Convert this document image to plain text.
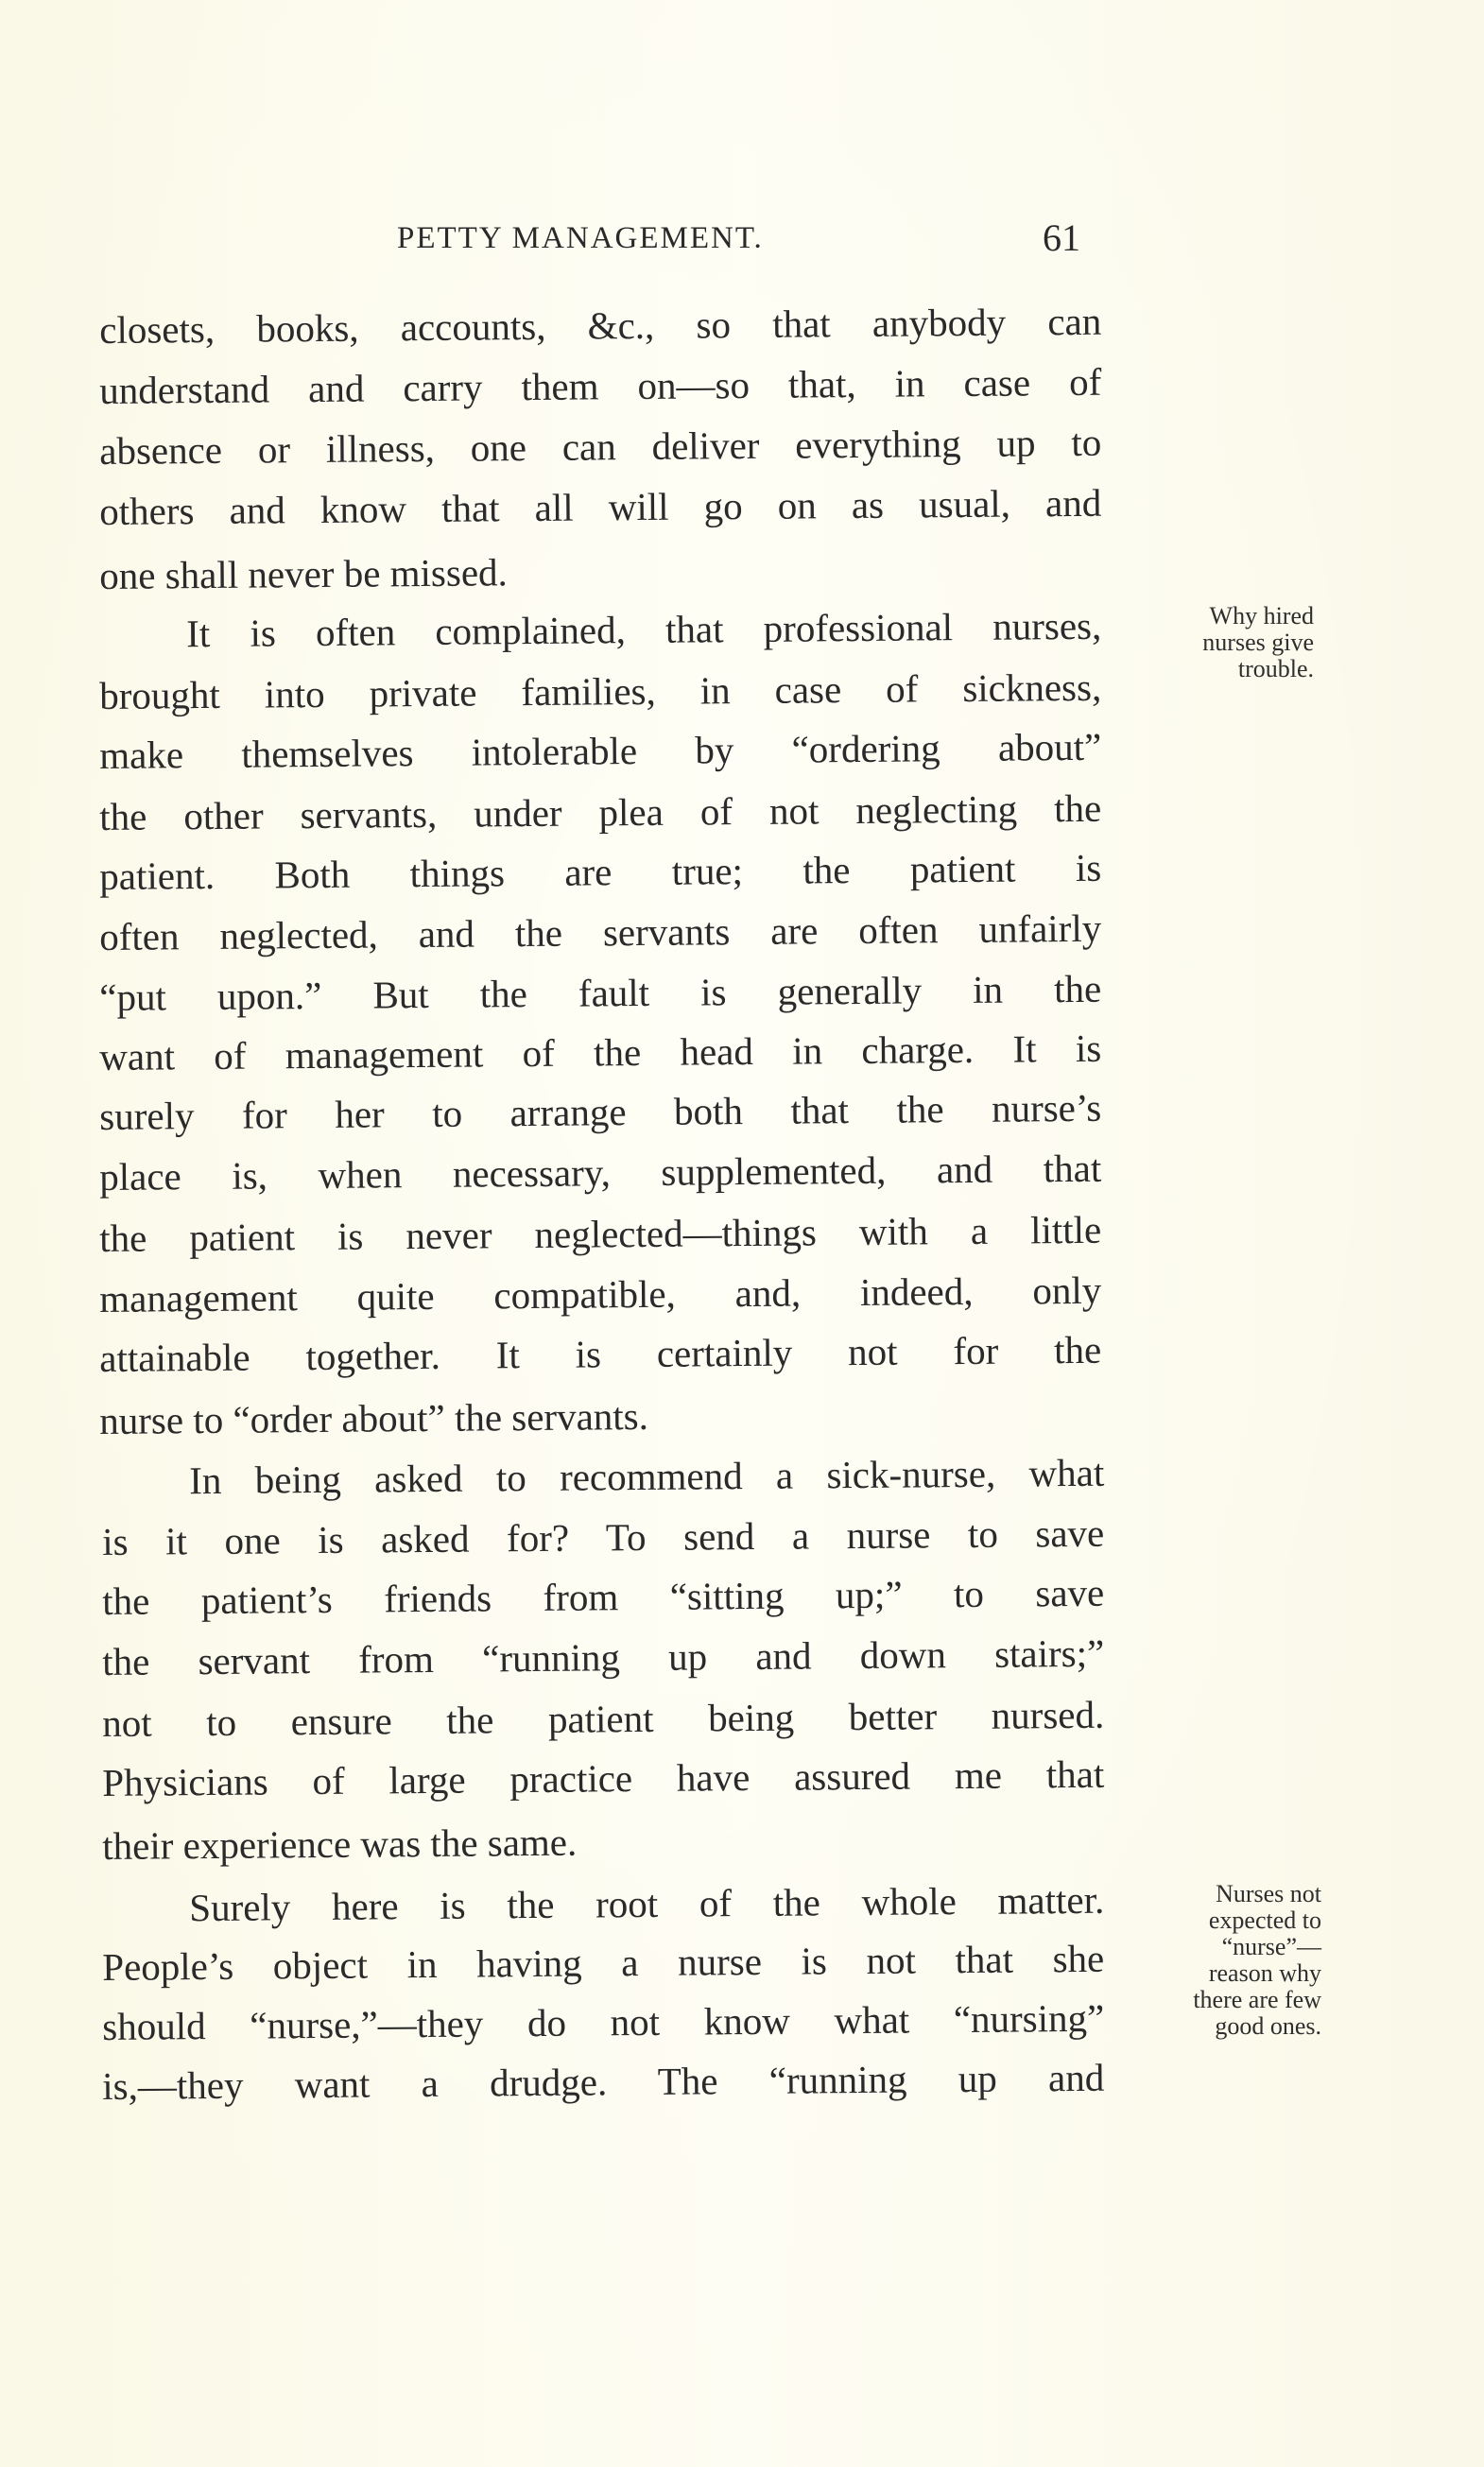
PETTY MANAGEMENT.	61
closets, books, accounts, &c., so that anybody can
understand and carry them on—so that, in case of
absence or illness, one can deliver everything up to
others and know that all will go on as usual, and
one shall never be missed.
It is often complained, that professional nurses,
brought into private families, in case of sickness,
make themselves intolerable by “ordering about”
the other servants, under plea of not neglecting the
patient. Both things are true; the patient is
often neglected, and the servants are often unfairly
“put upon.” But the fault is generally in the
want of management of the head in charge. It is
surely for her to arrange both that the nurse’s
place is, when necessary, supplemented, and that
the patient is never neglected—things with a little
management quite compatible, and, indeed, only
attainable together. It is certainly not for the
nurse to “order about” the servants.
In being asked to recommend a sick-nurse, what
is it one is asked for? To send a nurse to save
the patient’s friends from “sitting up;” to save
the servant from “running up and down stairs;”
not to ensure the patient being better nursed.
Physicians of large practice have assured me that
their experience was the same.
Surely here is the root of the whole matter.
People’s object in having a nurse is not that she
should “nurse,”—they do not know what “nursing”
is,—they want a drudge. The “running up and
Why hired
nurses give
trouble.
Nurses not
expected to
“nurse”—
reason why
there are few
good ones.
